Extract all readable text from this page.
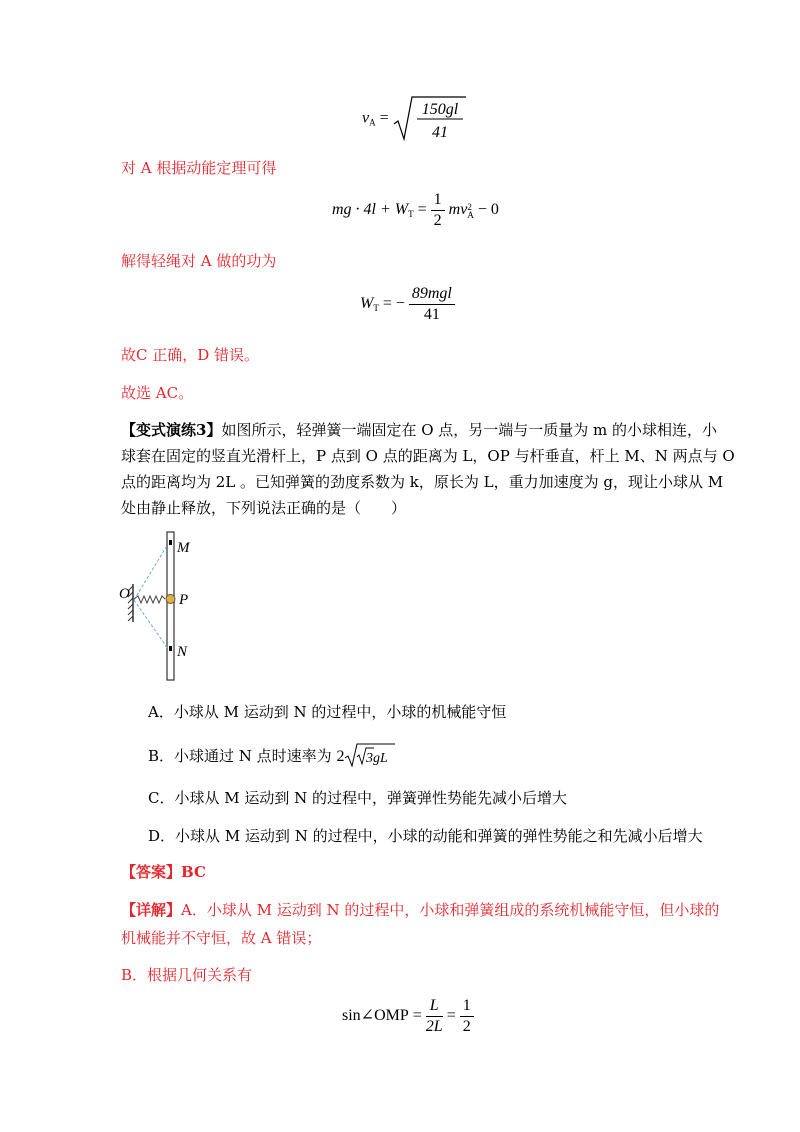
$v_A$ =
150gl
41
对 A 根据动能定理可得
mg · $4l + W_T = \frac{1}{2}$ mv 2
A − 0
解得轻绳对 A 做的功为
$W_T$ = − $\frac{\text{89mgl}}{41}$
故C 正确，D 错误。
故选 AC。
【变式演练3】如图所示，轻弹簧一端固定在 O 点，另一端与一质量为 m 的小球相连，小
球套在固定的竖直光滑杆上，P 点到 O 点的距离为 L，OP 与杆垂直，杆上 M、N 两点与 O
点的距离均为 2L 。已知弹簧的劲度系数为 k，原长为 L，重力加速度为 g，现让小球从 M
处由静止释放，下列说法正确的是（　　）
M
O	P
N
A．小球从 M 运动到 N 的过程中，小球的机械能守恒
B．小球通过 N 点时速率为 2 3gL
C．小球从 M 运动到 N 的过程中，弹簧弹性势能先减小后增大
D．小球从 M 运动到 N 的过程中，小球的动能和弹簧的弹性势能之和先减小后增大
【答案】BC
【详解】A．小球从 M 运动到 N 的过程中，小球和弹簧组成的系统机械能守恒，但小球的
机械能并不守恒，故 A 错误；
B．根据几何关系有
sin∠OMP = $\frac{L}{2L} = \frac{1}{2}$
